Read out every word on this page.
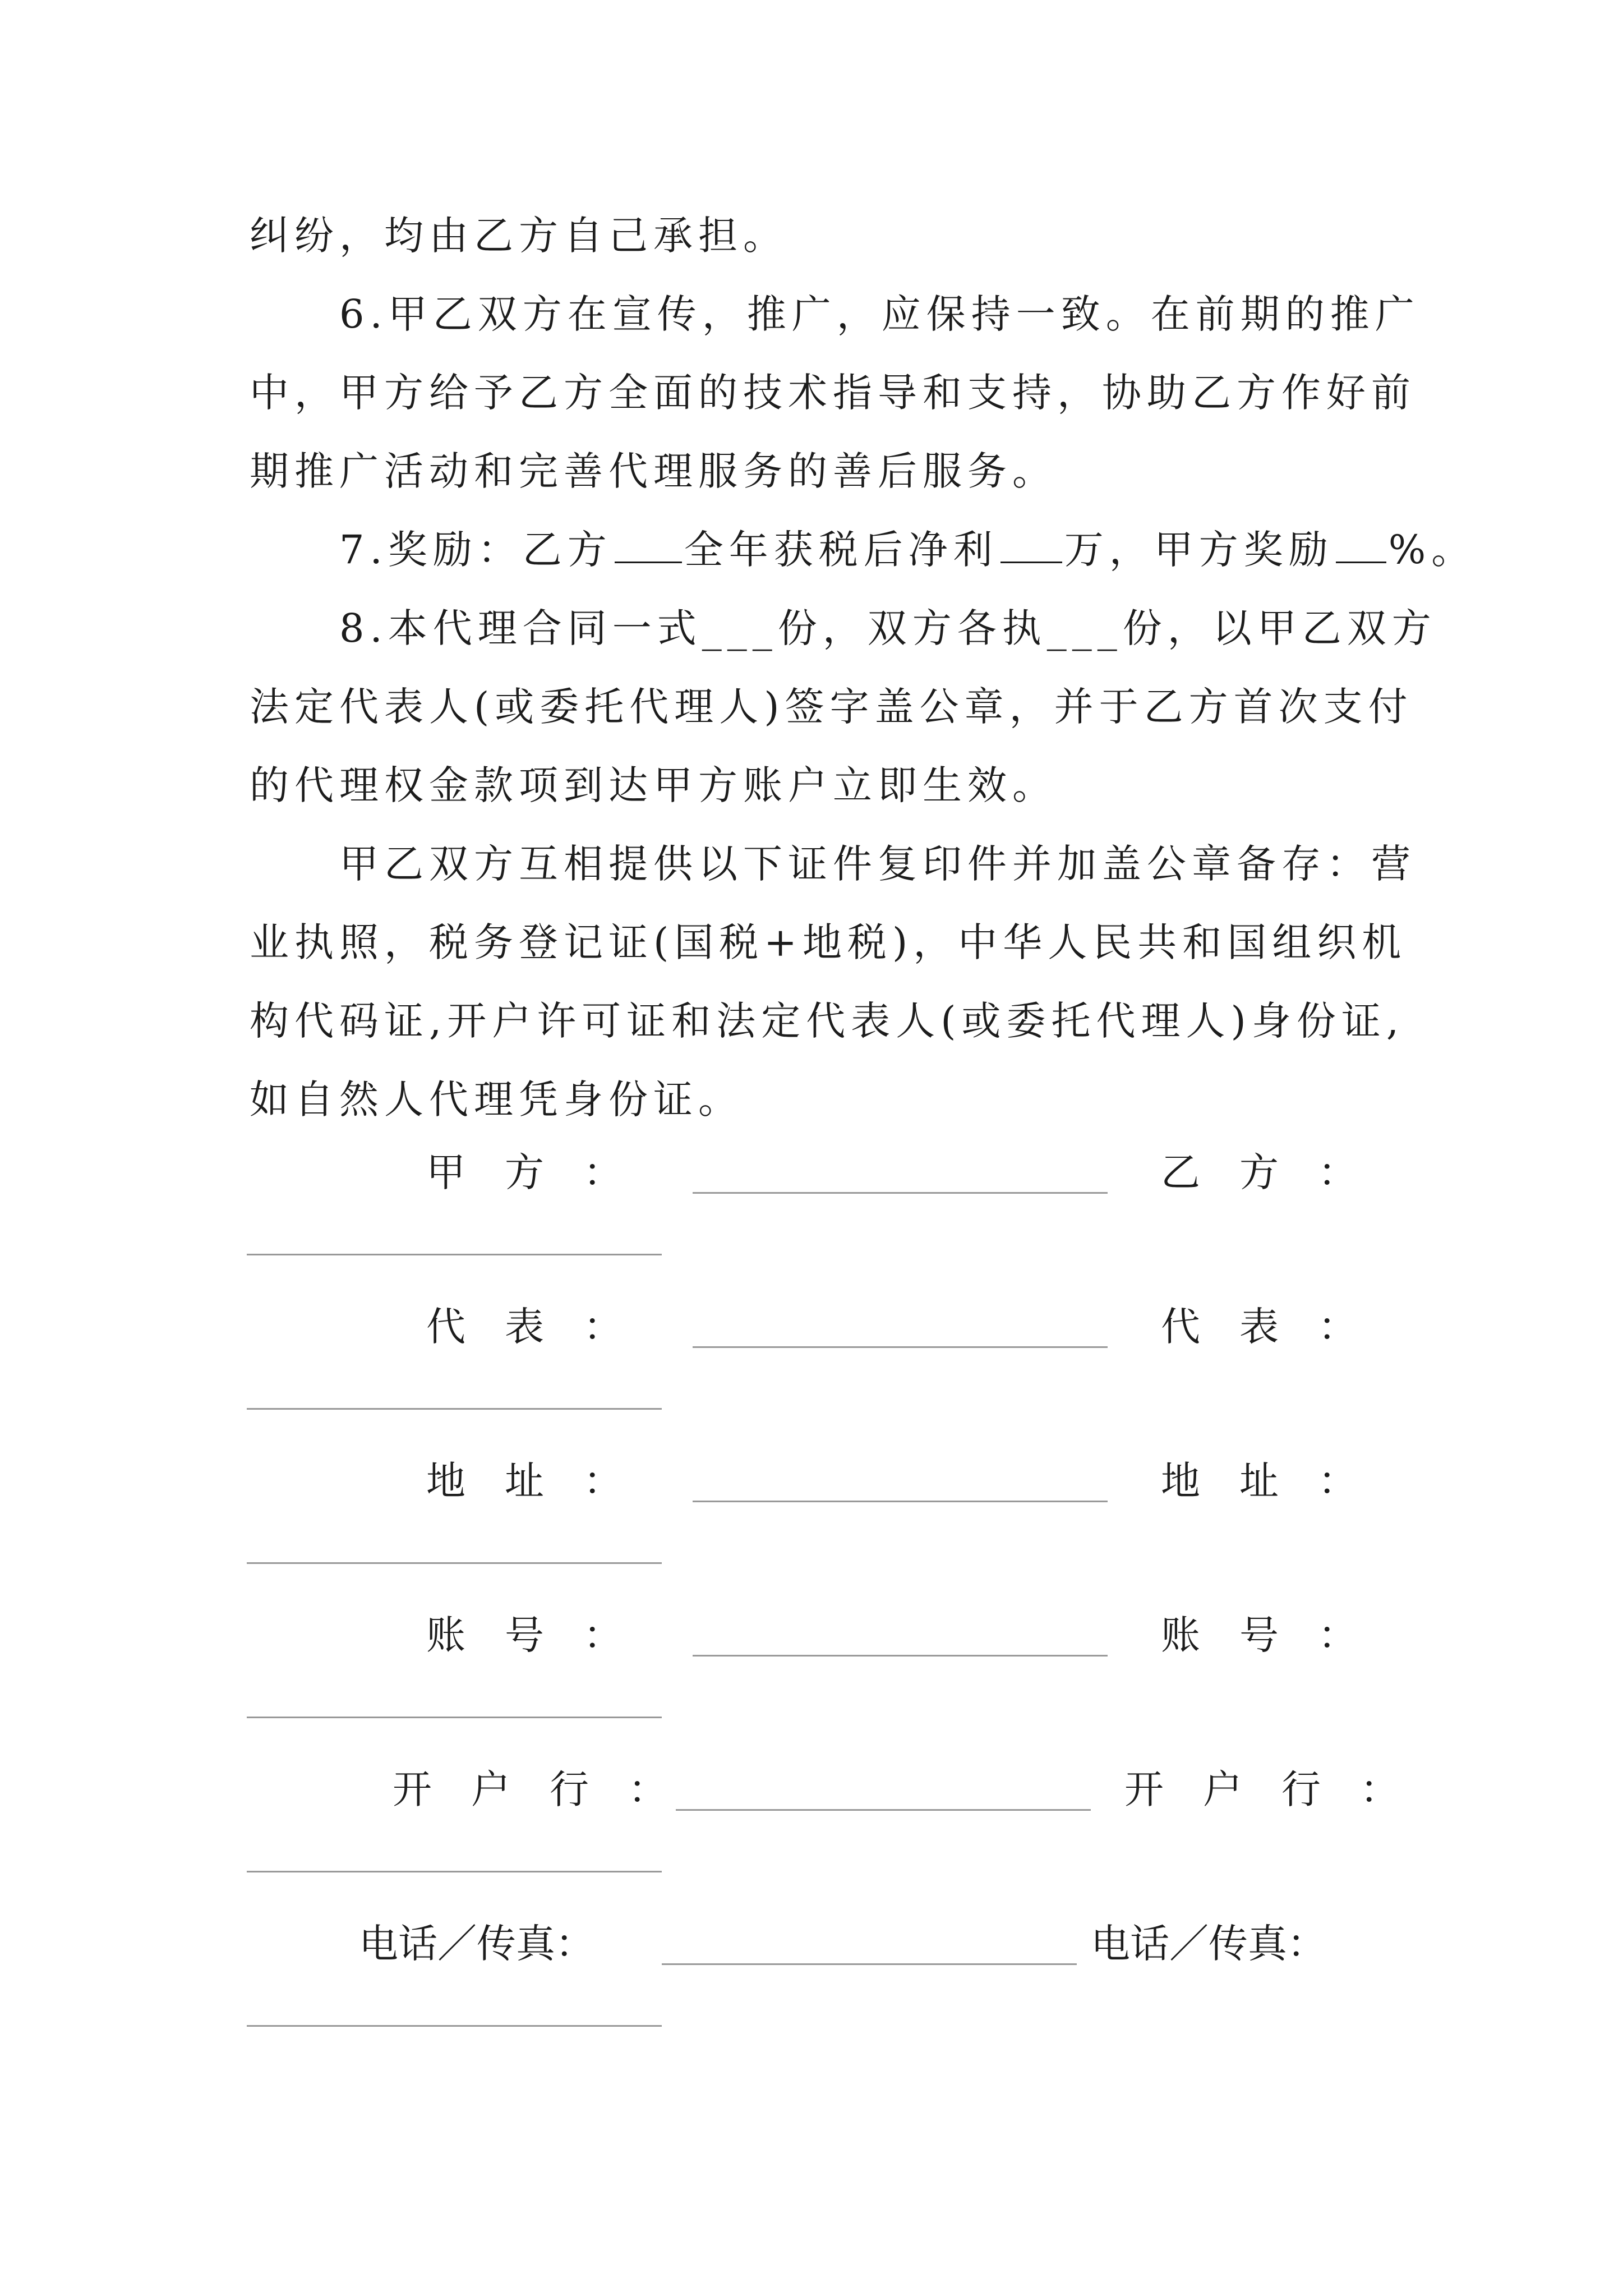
纠纷，均由乙方自己承担。
6.甲乙双方在宣传，推广，应保持一致。在前期的推广
中，甲方给予乙方全面的技术指导和支持，协助乙方作好前
期推广活动和完善代理服务的善后服务。
7.奖励：乙方 全年获税后净利 万，甲方奖励 %。
8.本代理合同一式___份，双方各执___份，以甲乙双方
法定代表人(或委托代理人)签字盖公章，并于乙方首次支付
的代理权金款项到达甲方账户立即生效。
甲乙双方互相提供以下证件复印件并加盖公章备存：营
业执照，税务登记证(国税+地税)，中华人民共和国组织机
构代码证,开户许可证和法定代表人(或委托代理人)身份证,
如自然人代理凭身份证。
甲　方　：	乙　方　：
代　表　：	代　表　：
地　址　：	地　址　：
账　号　：	账　号　：
开　户　行　：	开　户　行　：
电话／传真：	电话／传真：
